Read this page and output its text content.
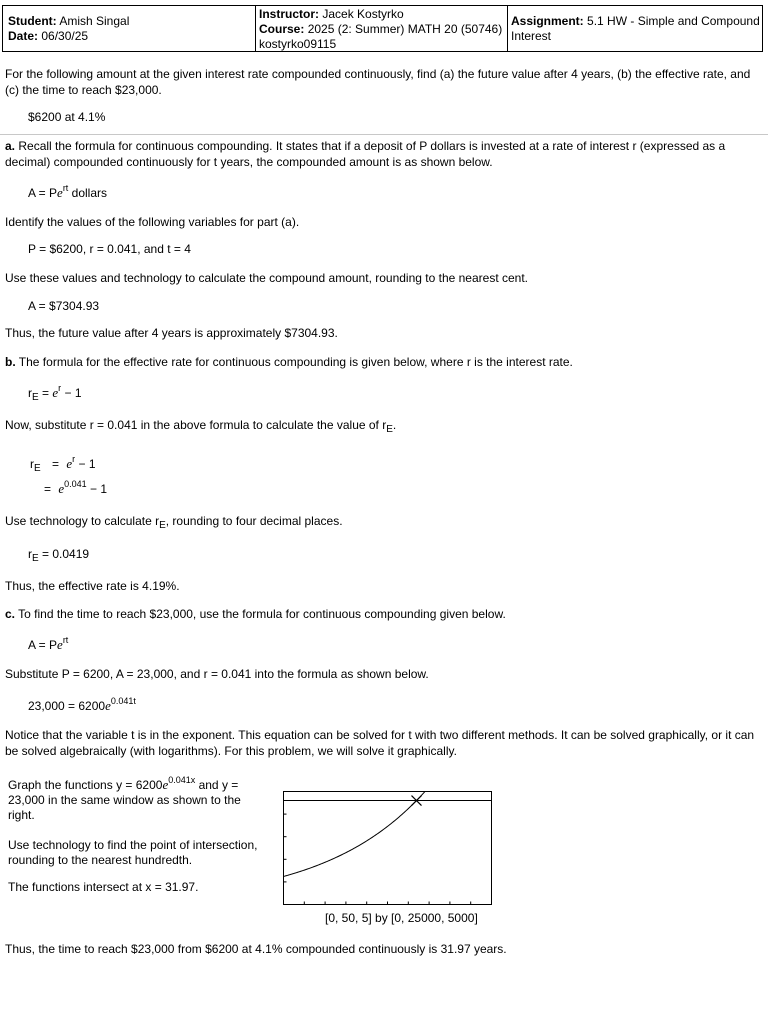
Student: Amish Singal
Date: 06/30/25
Instructor: Jacek Kostyrko
Course: 2025 (2: Summer) MATH 20 (50746)
kostyrko09115
Assignment: 5.1 HW - Simple and Compound Interest
For the following amount at the given interest rate compounded continuously, find (a) the future value after 4 years, (b) the effective rate, and (c) the time to reach $23,000.
$6200 at 4.1%
a. Recall the formula for continuous compounding. It states that if a deposit of P dollars is invested at a rate of interest r (expressed as a decimal) compounded continuously for t years, the compounded amount is as shown below.
$A = Pe^{rt}$ dollars
Identify the values of the following variables for part (a).
P = $6200, r = 0.041, and t = 4
Use these values and technology to calculate the compound amount, rounding to the nearest cent.
A = $7304.93
Thus, the future value after 4 years is approximately $7304.93.
b. The formula for the effective rate for continuous compounding is given below, where r is the interest rate.
$r_E = e^r - 1$
Now, substitute r = 0.041 in the above formula to calculate the value of $r_E$.
$r_E = e^r - 1$
= $e^{0.041} - 1$
Use technology to calculate $r_E$, rounding to four decimal places.
$r_E = 0.0419$
Thus, the effective rate is 4.19%.
c. To find the time to reach $23,000, use the formula for continuous compounding given below.
$A = Pe^{rt}$
Substitute P = 6200, A = 23,000, and r = 0.041 into the formula as shown below.
$23,000 = 6200e^{0.041t}$
Notice that the variable t is in the exponent. This equation can be solved for t with two different methods. It can be solved graphically, or it can be solved algebraically (with logarithms). For this problem, we will solve it graphically.
Graph the functions $y = 6200e^{0.041x}$ and y = 23,000 in the same window as shown to the right.
Use technology to find the point of intersection, rounding to the nearest hundredth.
The functions intersect at x = 31.97.
[0, 50, 5] by [0, 25000, 5000]
Thus, the time to reach $23,000 from $6200 at 4.1% compounded continuously is 31.97 years.
